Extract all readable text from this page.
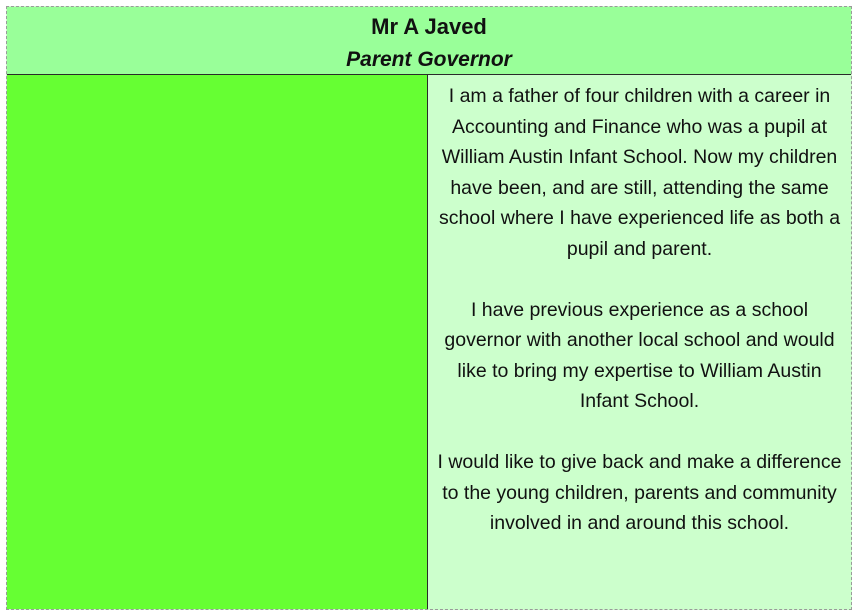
Mr A Javed
Parent Governor

I am a father of four children with a career in Accounting and Finance who was a pupil at William Austin Infant School. Now my children have been, and are still, attending the same school where I have experienced life as both a pupil and parent.

I have previous experience as a school governor with another local school and would like to bring my expertise to William Austin Infant School.

I would like to give back and make a difference to the young children, parents and community involved in and around this school.
